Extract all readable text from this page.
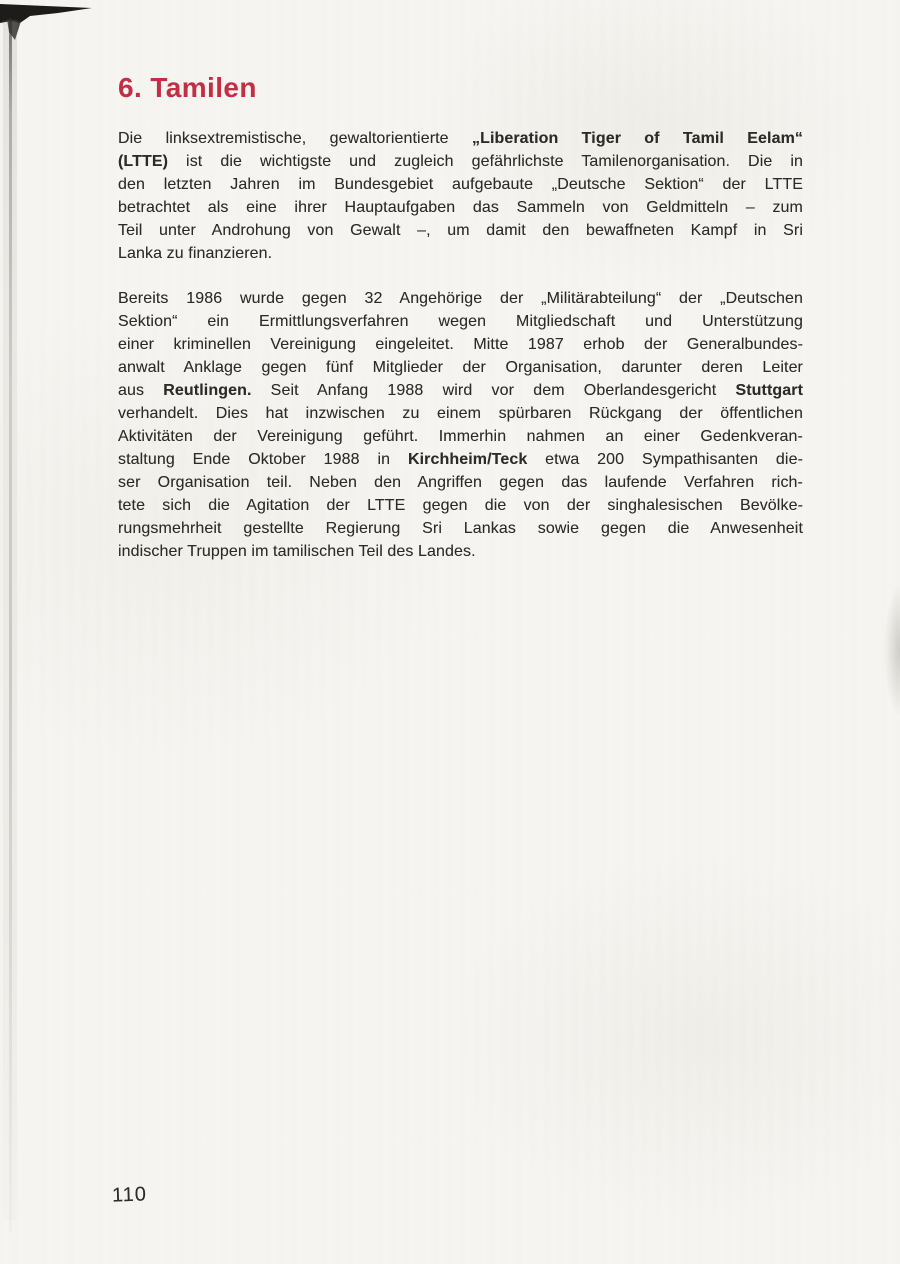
6. Tamilen
Die linksextremistische, gewaltorientierte „Liberation Tiger of Tamil Eelam“
(LTTE) ist die wichtigste und zugleich gefährlichste Tamilenorganisation. Die in
den letzten Jahren im Bundesgebiet aufgebaute „Deutsche Sektion“ der LTTE
betrachtet als eine ihrer Hauptaufgaben das Sammeln von Geldmitteln – zum
Teil unter Androhung von Gewalt –, um damit den bewaffneten Kampf in Sri
Lanka zu finanzieren.
Bereits 1986 wurde gegen 32 Angehörige der „Militärabteilung“ der „Deutschen
Sektion“ ein Ermittlungsverfahren wegen Mitgliedschaft und Unterstützung
einer kriminellen Vereinigung eingeleitet. Mitte 1987 erhob der Generalbundes-
anwalt Anklage gegen fünf Mitglieder der Organisation, darunter deren Leiter
aus Reutlingen. Seit Anfang 1988 wird vor dem Oberlandesgericht Stuttgart
verhandelt. Dies hat inzwischen zu einem spürbaren Rückgang der öffentlichen
Aktivitäten der Vereinigung geführt. Immerhin nahmen an einer Gedenkveran-
staltung Ende Oktober 1988 in Kirchheim/Teck etwa 200 Sympathisanten die-
ser Organisation teil. Neben den Angriffen gegen das laufende Verfahren rich-
tete sich die Agitation der LTTE gegen die von der singhalesischen Bevölke-
rungsmehrheit gestellte Regierung Sri Lankas sowie gegen die Anwesenheit
indischer Truppen im tamilischen Teil des Landes.
110
